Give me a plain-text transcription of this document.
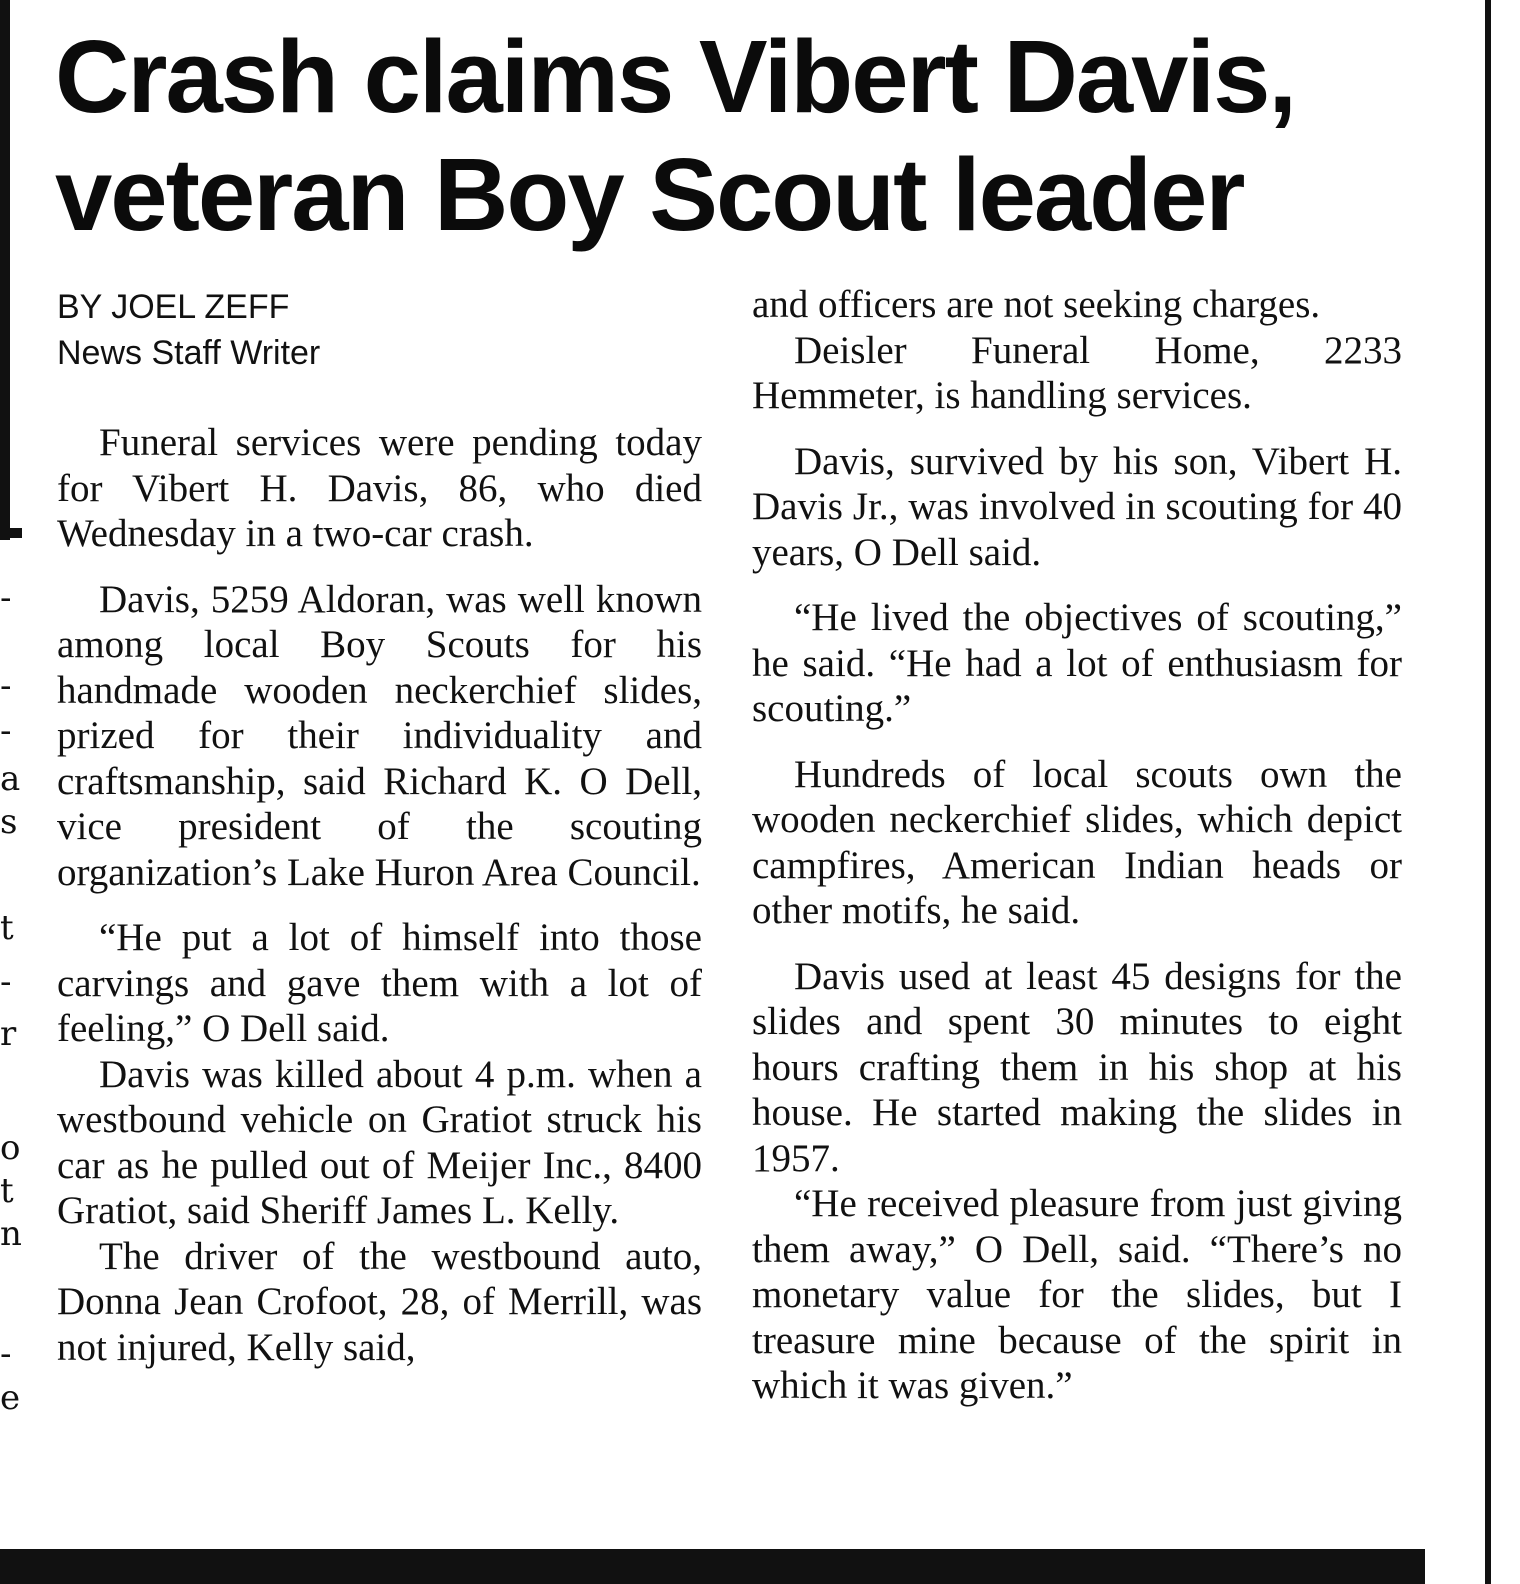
-
-
-
a
s
t
-
r
o
t
n
-
e
Crash claims Vibert Davis,
veteran Boy Scout leader
BY JOEL ZEFF
News Staff Writer

Funeral services were pending today for Vibert H. Davis, 86, who died Wednesday in a two-car crash.

Davis, 5259 Aldoran, was well known among local Boy Scouts for his handmade wooden neckerchief slides, prized for their individuality and craftsmanship, said Richard K. O Dell, vice president of the scouting organization’s Lake Huron Area Council.

“He put a lot of himself into those carvings and gave them with a lot of feeling,” O Dell said.

Davis was killed about 4 p.m. when a westbound vehicle on Gratiot struck his car as he pulled out of Meijer Inc., 8400 Gratiot, said Sheriff James L. Kelly.

The driver of the westbound auto, Donna Jean Crofoot, 28, of Merrill, was not injured, Kelly said,

and officers are not seeking charges.

Deisler Funeral Home, 2233 Hemmeter, is handling services.

Davis, survived by his son, Vibert H. Davis Jr., was involved in scouting for 40 years, O Dell said.

“He lived the objectives of scouting,” he said. “He had a lot of enthusiasm for scouting.”

Hundreds of local scouts own the wooden neckerchief slides, which depict campfires, American Indian heads or other motifs, he said.

Davis used at least 45 designs for the slides and spent 30 minutes to eight hours crafting them in his shop at his house. He started making the slides in 1957.

“He received pleasure from just giving them away,” O Dell, said. “There’s no monetary value for the slides, but I treasure mine because of the spirit in which it was given.”
